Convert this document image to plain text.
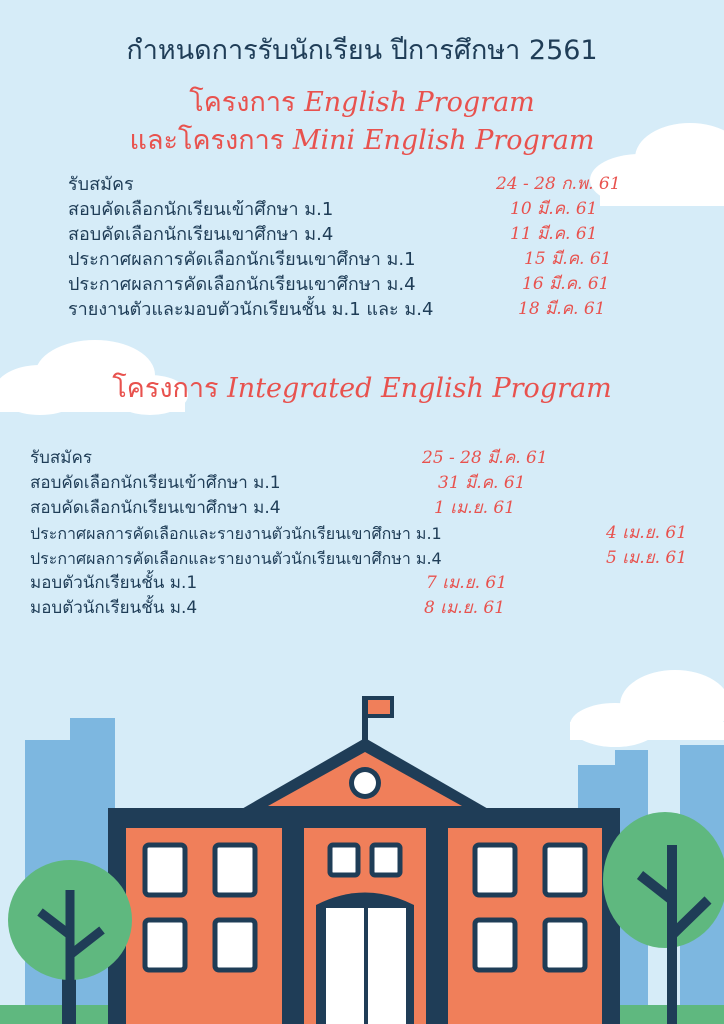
กำหนดการรับนักเรียน ปีการศึกษา 2561
โครงการ English Program
และโครงการ Mini English Program
รับสมัคร	24 - 28 ก.พ. 61
สอบคัดเลือกนักเรียนเข้าศึกษา ม.1	10 มี.ค. 61
สอบคัดเลือกนักเรียนเขาศึกษา ม.4	11 มี.ค. 61
ประกาศผลการคัดเลือกนักเรียนเขาศึกษา ม.1	15 มี.ค. 61
ประกาศผลการคัดเลือกนักเรียนเขาศึกษา ม.4	16 มี.ค. 61
รายงานตัวและมอบตัวนักเรียนชั้น ม.1 และ ม.4	18 มี.ค. 61
โครงการ Integrated English Program
รับสมัคร	25 - 28 มี.ค. 61
สอบคัดเลือกนักเรียนเข้าศึกษา ม.1	31 มี.ค. 61
สอบคัดเลือกนักเรียนเขาศึกษา ม.4	1 เม.ย. 61
ประกาศผลการคัดเลือกและรายงานตัวนักเรียนเขาศึกษา ม.1	4 เม.ย. 61
ประกาศผลการคัดเลือกและรายงานตัวนักเรียนเขาศึกษา ม.4	5 เม.ย. 61
มอบตัวนักเรียนชั้น ม.1	7 เม.ย. 61
มอบตัวนักเรียนชั้น ม.4	8 เม.ย. 61
